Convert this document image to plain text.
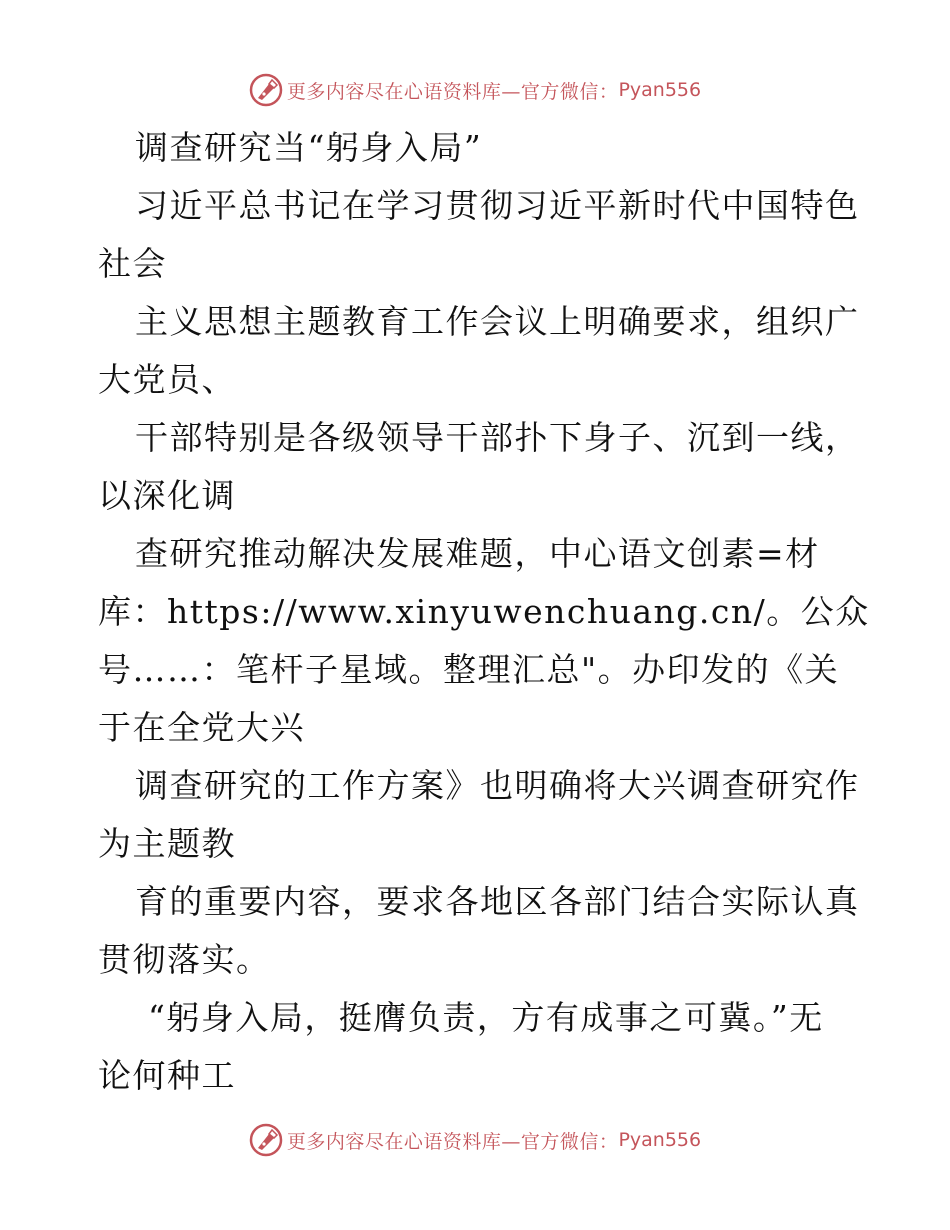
更多内容尽在心语资料库— 官方微信： Pyan556
调查研究当“躬身入局”
习近平总书记在学习贯彻习近平新时代中国特色
社会
主义思想主题教育工作会议上明确要求，组织广
大党员、
干部特别是各级领导干部扑下身子、沉到一线，
以深化调
查研究推动解决发展难题，中心语文创素=材
库：https://www.xinyuwenchuang.cn/。公众
号……：笔杆子星域。整理汇总"。办印发的《关
于在全党大兴
调查研究的工作方案》也明确将大兴调查研究作
为主题教
育的重要内容，要求各地区各部门结合实际认真
贯彻落实。
“躬身入局，挺膺负责，方有成事之可冀。”无
论何种工
更多内容尽在心语资料库— 官方微信： Pyan556
